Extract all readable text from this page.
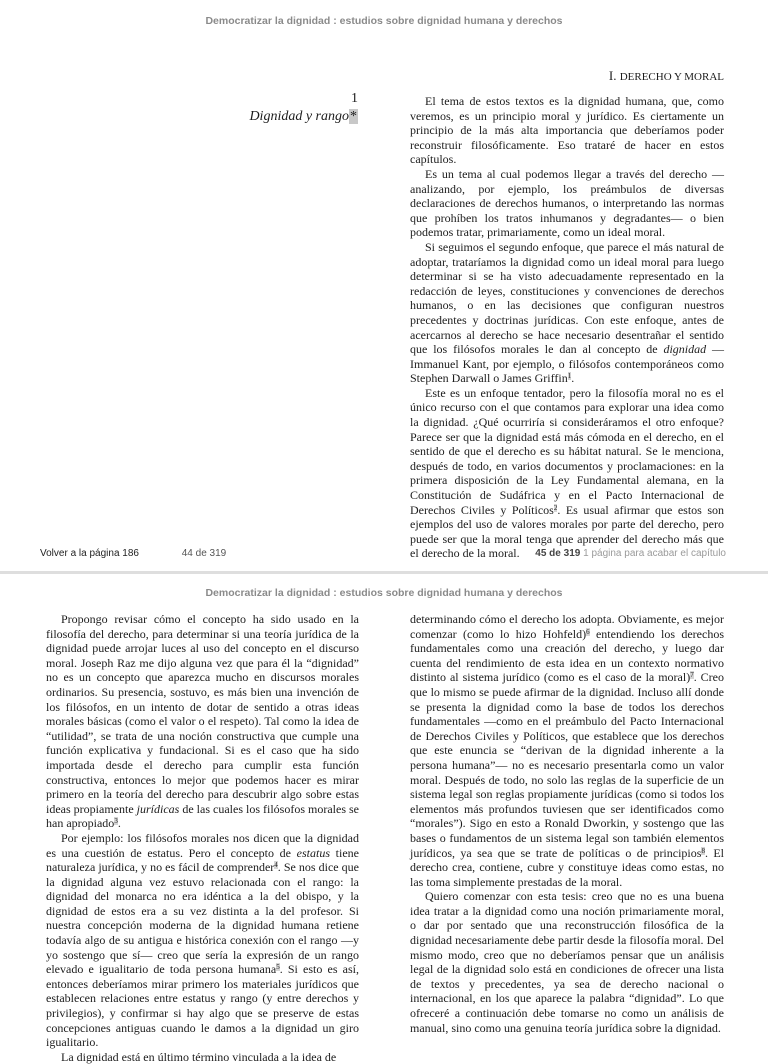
Democratizar la dignidad : estudios sobre dignidad humana y derechos
I. DERECHO Y MORAL
1
Dignidad y rango*

El tema de estos textos es la dignidad humana, que, como veremos, es un principio moral y jurídico. Es ciertamente un principio de la más alta importancia que deberíamos poder reconstruir filosóficamente. Eso trataré de hacer en estos capítulos.

Es un tema al cual podemos llegar a través del derecho —analizando, por ejemplo, los preámbulos de diversas declaraciones de derechos humanos, o interpretando las normas que prohíben los tratos inhumanos y degradantes— o bien podemos tratar, primariamente, como un ideal moral.

Si seguimos el segundo enfoque, que parece el más natural de adoptar, trataríamos la dignidad como un ideal moral para luego determinar si se ha visto adecuadamente representado en la redacción de leyes, constituciones y convenciones de derechos humanos, o en las decisiones que configuran nuestros precedentes y doctrinas jurídicas. Con este enfoque, antes de acercarnos al derecho se hace necesario desentrañar el sentido que los filósofos morales le dan al concepto de dignidad —Immanuel Kant, por ejemplo, o filósofos contemporáneos como Stephen Darwall o James Griffin$^1$.

Este es un enfoque tentador, pero la filosofía moral no es el único recurso con el que contamos para explorar una idea como la dignidad. ¿Qué ocurriría si consideráramos el otro enfoque? Parece ser que la dignidad está más cómoda en el derecho, en el sentido de que el derecho es su hábitat natural. Se le menciona, después de todo, en varios documentos y proclamaciones: en la primera disposición de la Ley Fundamental alemana, en la Constitución de Sudáfrica y en el Pacto Internacional de Derechos Civiles y Políticos$^2$. Es usual afirmar que estos son ejemplos del uso de valores morales por parte del derecho, pero puede ser que la moral tenga que aprender del derecho más que el derecho de la moral.

Volver a la página 186	44 de 319	45 de 319 1 página para acabar el capítulo
Democratizar la dignidad : estudios sobre dignidad humana y derechos

Propongo revisar cómo el concepto ha sido usado en la filosofía del derecho, para determinar si una teoría jurídica de la dignidad puede arrojar luces al uso del concepto en el discurso moral. Joseph Raz me dijo alguna vez que para él la “dignidad” no es un concepto que aparezca mucho en discursos morales ordinarios. Su presencia, sostuvo, es más bien una invención de los filósofos, en un intento de dotar de sentido a otras ideas morales básicas (como el valor o el respeto). Tal como la idea de “utilidad”, se trata de una noción constructiva que cumple una función explicativa y fundacional. Si es el caso que ha sido importada desde el derecho para cumplir esta función constructiva, entonces lo mejor que podemos hacer es mirar primero en la teoría del derecho para descubrir algo sobre estas ideas propiamente jurídicas de las cuales los filósofos morales se han apropiado$^3$.

Por ejemplo: los filósofos morales nos dicen que la dignidad es una cuestión de estatus. Pero el concepto de estatus tiene naturaleza jurídica, y no es fácil de comprender$^4$. Se nos dice que la dignidad alguna vez estuvo relacionada con el rango: la dignidad del monarca no era idéntica a la del obispo, y la dignidad de estos era a su vez distinta a la del profesor. Si nuestra concepción moderna de la dignidad humana retiene todavía algo de su antigua e histórica conexión con el rango —y yo sostengo que sí— creo que sería la expresión de un rango elevado e igualitario de toda persona humana$^5$. Si esto es así, entonces deberíamos mirar primero los materiales jurídicos que establecen relaciones entre estatus y rango (y entre derechos y privilegios), y confirmar si hay algo que se preserve de estas concepciones antiguas cuando le damos a la dignidad un giro igualitario.

La dignidad está en último término vinculada a la idea de

determinando cómo el derecho los adopta. Obviamente, es mejor comenzar (como lo hizo Hohfeld)$^6$ entendiendo los derechos fundamentales como una creación del derecho, y luego dar cuenta del rendimiento de esta idea en un contexto normativo distinto al sistema jurídico (como es el caso de la moral)$^7$. Creo que lo mismo se puede afirmar de la dignidad. Incluso allí donde se presenta la dignidad como la base de todos los derechos fundamentales —como en el preámbulo del Pacto Internacional de Derechos Civiles y Políticos, que establece que los derechos que este enuncia se “derivan de la dignidad inherente a la persona humana”— no es necesario presentarla como un valor moral. Después de todo, no solo las reglas de la superficie de un sistema legal son reglas propiamente jurídicas (como si todos los elementos más profundos tuviesen que ser identificados como “morales”). Sigo en esto a Ronald Dworkin, y sostengo que las bases o fundamentos de un sistema legal son también elementos jurídicos, ya sea que se trate de políticas o de principios$^8$. El derecho crea, contiene, cubre y constituye ideas como estas, no las toma simplemente prestadas de la moral.

Quiero comenzar con esta tesis: creo que no es una buena idea tratar a la dignidad como una noción primariamente moral, o dar por sentado que una reconstrucción filosófica de la dignidad necesariamente debe partir desde la filosofía moral. Del mismo modo, creo que no deberíamos pensar que un análisis legal de la dignidad solo está en condiciones de ofrecer una lista de textos y precedentes, ya sea de derecho nacional o internacional, en los que aparece la palabra “dignidad”. Lo que ofreceré a continuación debe tomarse no como un análisis de manual, sino como una genuina teoría jurídica sobre la dignidad.
